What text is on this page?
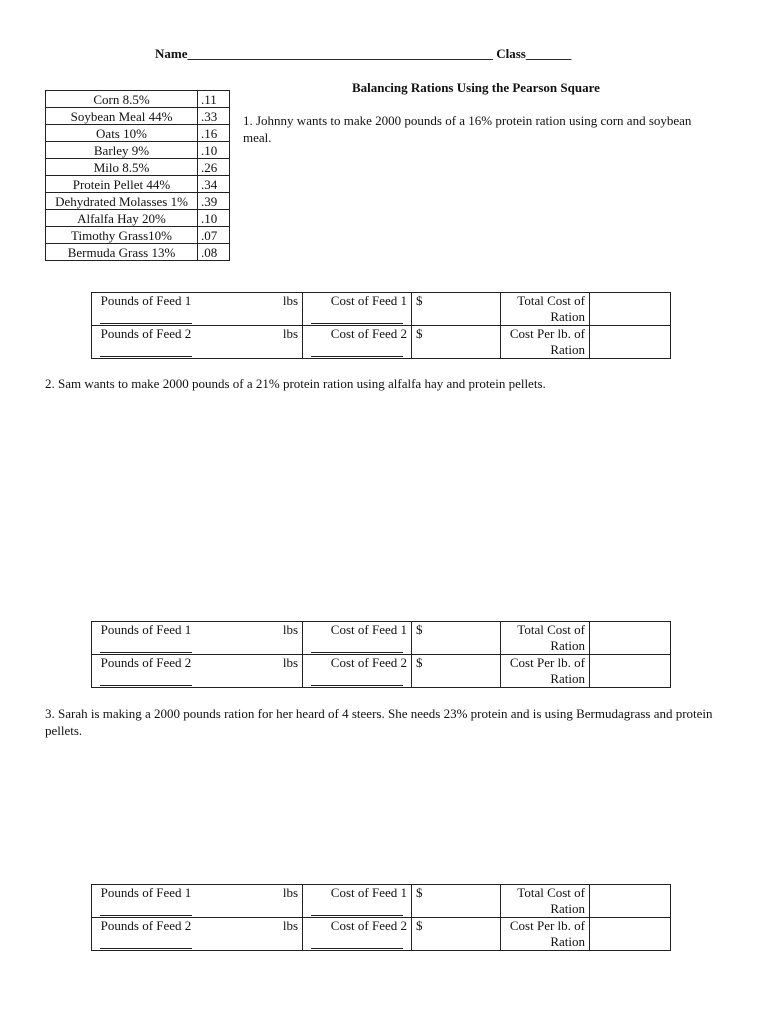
Name_______________________________________________ Class_______
Balancing Rations Using the Pearson Square
Corn 8.5%	.11
Soybean Meal 44%	.33
Oats 10%	.16
Barley 9%	.10
Milo 8.5%	.26
Protein Pellet 44%	.34
Dehydrated Molasses 1%	.39
Alfalfa Hay 20%	.10
Timothy Grass10%	.07
Bermuda Grass 13%	.08
1. Johnny wants to make 2000 pounds of a 16% protein ration using corn and soybean meal.
Pounds of Feed 1	lbs	Cost of Feed 1	$	Total Cost of Ration	
Pounds of Feed 2	lbs	Cost of Feed 2	$	Cost Per lb. of Ration	
2. Sam wants to make 2000 pounds of a 21% protein ration using alfalfa hay and protein pellets.
Pounds of Feed 1	lbs	Cost of Feed 1	$	Total Cost of Ration	
Pounds of Feed 2	lbs	Cost of Feed 2	$	Cost Per lb. of Ration	
3. Sarah is making a 2000 pounds ration for her heard of 4 steers. She needs 23% protein and is using Bermudagrass and protein pellets.
Pounds of Feed 1	lbs	Cost of Feed 1	$	Total Cost of Ration	
Pounds of Feed 2	lbs	Cost of Feed 2	$	Cost Per lb. of Ration	
